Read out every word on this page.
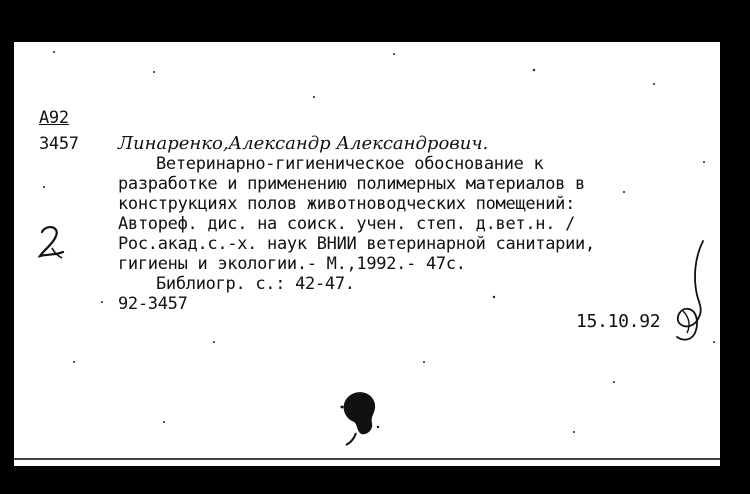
А92
3457 Линаренко,Александр Александрович.
Ветеринарно-гигиеническое обоснование к
разработке и применению полимерных материалов в
конструкциях полов животноводческих помещений:
Автореф. дис. на соиск. учен. степ. д.вет.н. /
Рос.акад.с.-х. наук ВНИИ ветеринарной санитарии,
гигиены и экологии.- М.,1992.- 47с.
Библиогр. с.: 42-47.
92-3457
15.10.92
